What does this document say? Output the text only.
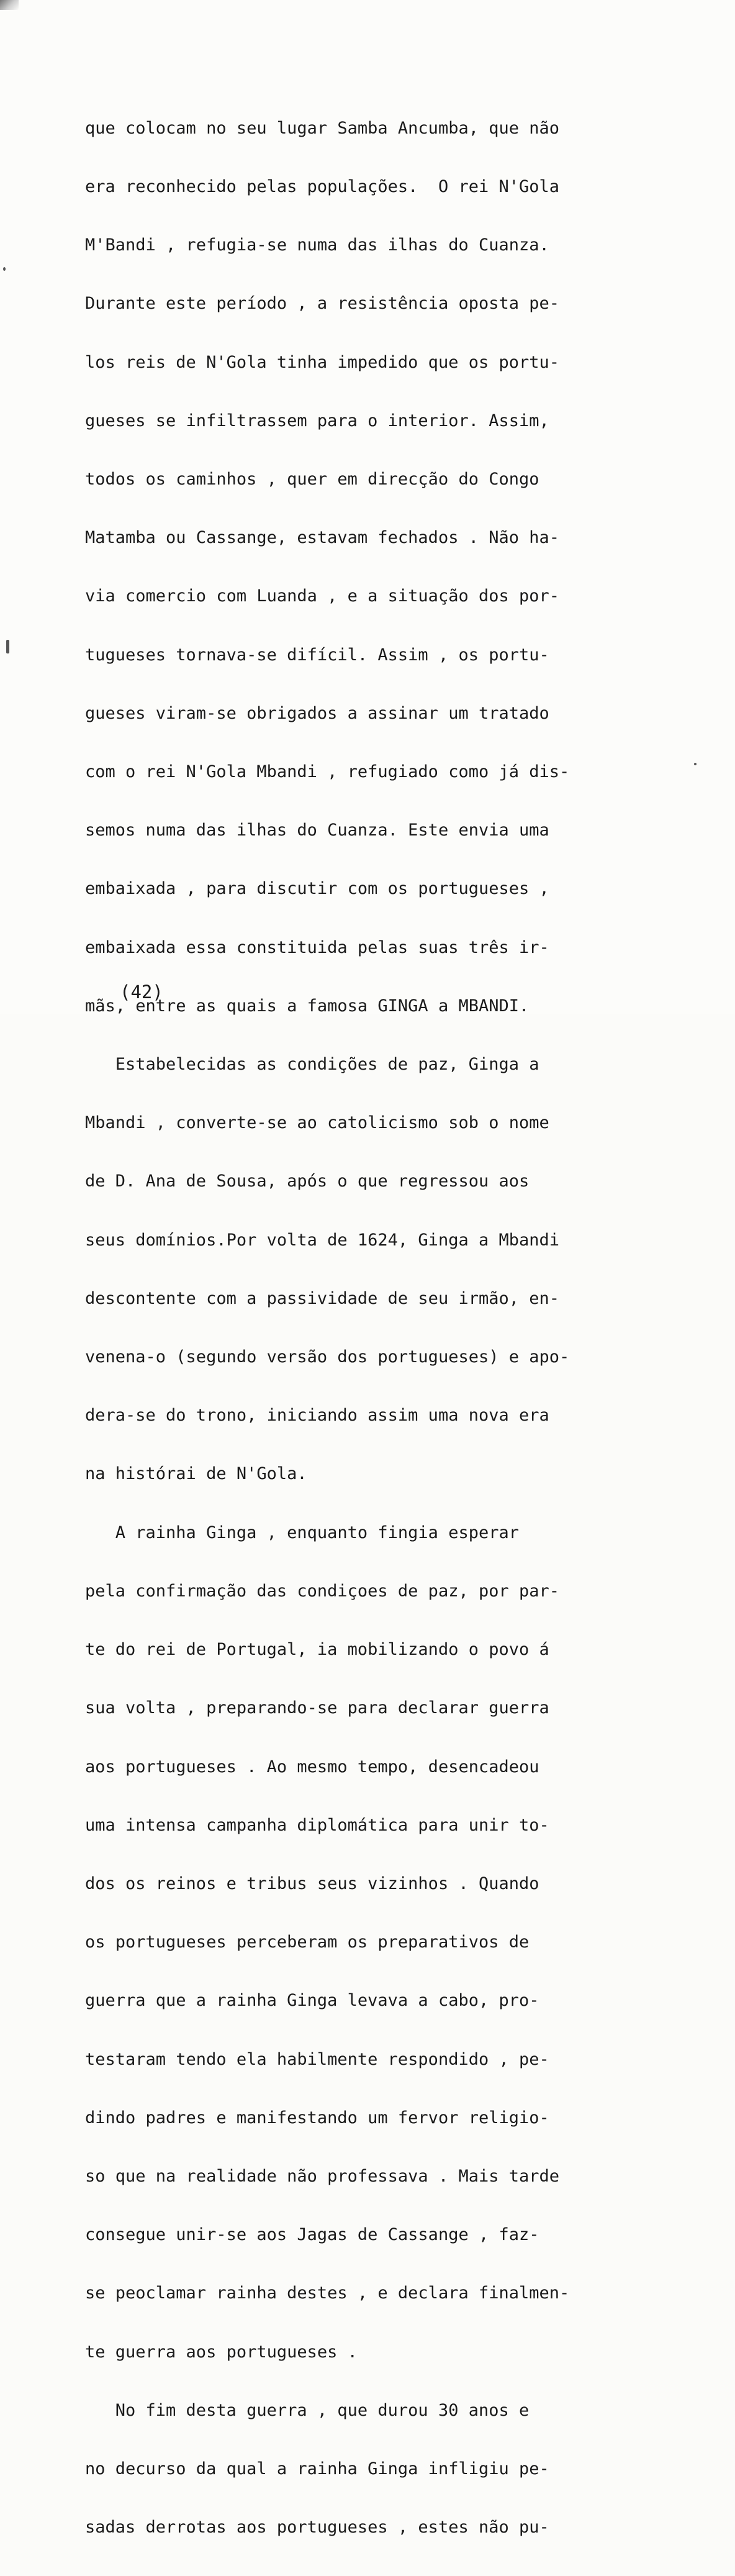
que colocam no seu lugar Samba Ancumba, que não

era reconhecido pelas populações.  O rei N'Gola

M'Bandi , refugia-se numa das ilhas do Cuanza.

Durante este período , a resistência oposta pe-

los reis de N'Gola tinha impedido que os portu-

gueses se infiltrassem para o interior. Assim,

todos os caminhos , quer em direcção do Congo

Matamba ou Cassange, estavam fechados . Não ha-

via comercio com Luanda , e a situação dos por-

tugueses tornava-se difícil. Assim , os portu-

gueses viram-se obrigados a assinar um tratado

com o rei N'Gola Mbandi , refugiado como já dis-

semos numa das ilhas do Cuanza. Este envia uma

embaixada , para discutir com os portugueses ,

embaixada essa constituida pelas suas três ir-

mãs, entre as quais a famosa GINGA a MBANDI.

Estabelecidas as condições de paz, Ginga a

Mbandi , converte-se ao catolicismo sob o nome

de D. Ana de Sousa, após o que regressou aos

seus domínios.Por volta de 1624, Ginga a Mbandi

descontente com a passividade de seu irmão, en-

venena-o (segundo versão dos portugueses) e apo-

dera-se do trono, iniciando assim uma nova era

na histórai de N'Gola.

A rainha Ginga , enquanto fingia esperar

pela confirmação das condiçoes de paz, por par-

te do rei de Portugal, ia mobilizando o povo á

sua volta , preparando-se para declarar guerra

aos portugueses . Ao mesmo tempo, desencadeou

uma intensa campanha diplomática para unir to-

dos os reinos e tribus seus vizinhos . Quando

os portugueses perceberam os preparativos de

guerra que a rainha Ginga levava a cabo, pro-

testaram tendo ela habilmente respondido , pe-

dindo padres e manifestando um fervor religio-

so que na realidade não professava . Mais tarde

consegue unir-se aos Jagas de Cassange , faz-

se peoclamar rainha destes , e declara finalmen-

te guerra aos portugueses .

No fim desta guerra , que durou 30 anos e

no decurso da qual a rainha Ginga infligiu pe-

sadas derrotas aos portugueses , estes não pu-

(42)
